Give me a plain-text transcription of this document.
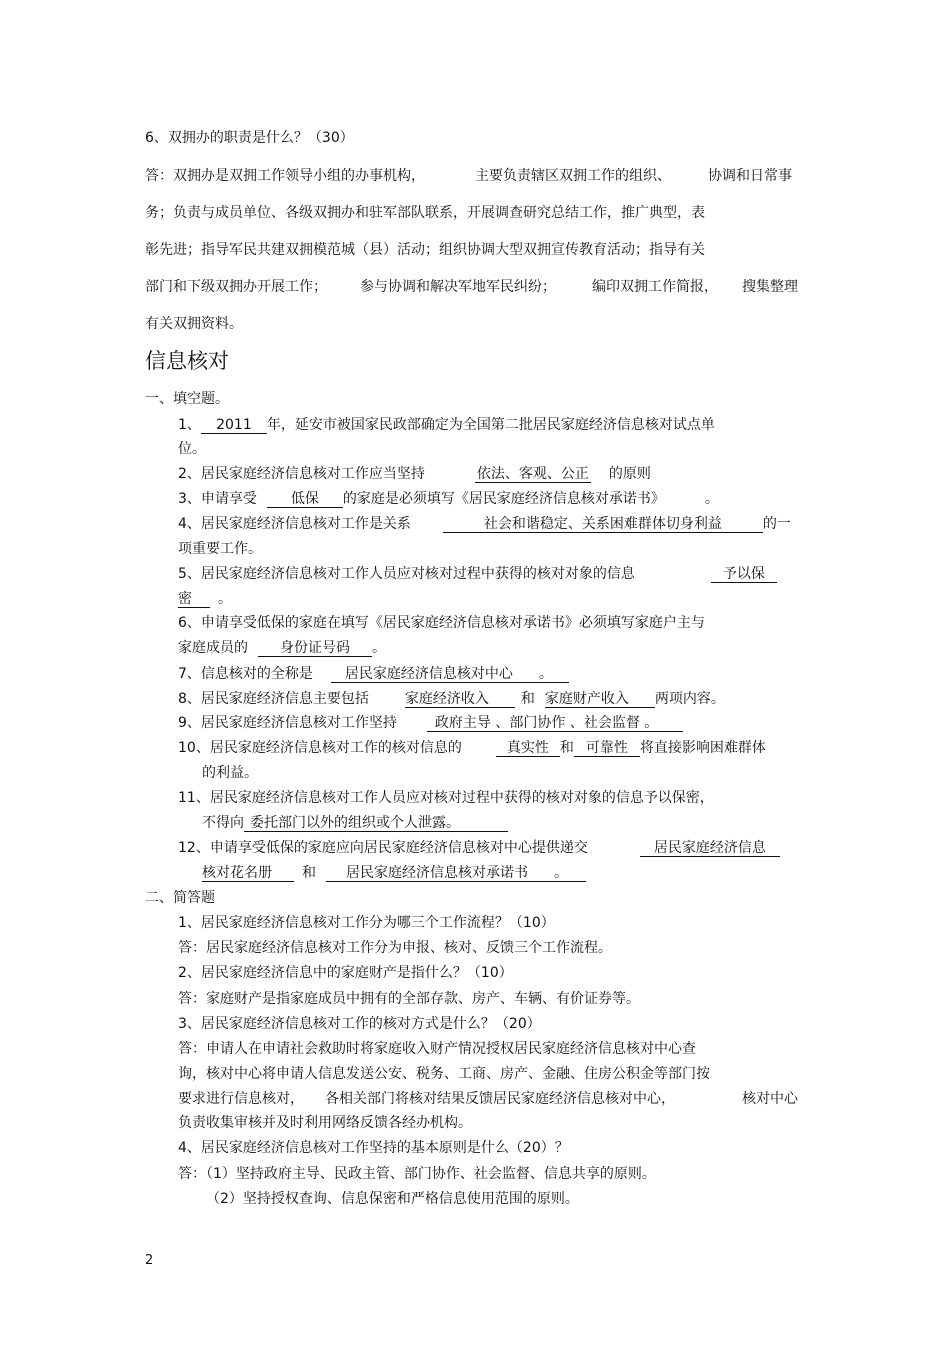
6、双拥办的职责是什么？（30）
答：双拥办是双拥工作领导小组的办事机构，	主要负责辖区双拥工作的组织、	协调和日常事
务；负责与成员单位、各级双拥办和驻军部队联系，开展调查研究总结工作，推广典型，表
彰先进；指导军民共建双拥模范城（县）活动；组织协调大型双拥宣传教育活动；指导有关
部门和下级双拥办开展工作； 参与协调和解决军地军民纠纷；	编印双拥工作简报， 搜集整理
有关双拥资料。
信息核对
一、填空题。
1、 2011 年，延安市被国家民政部确定为全国第二批居民家庭经济信息核对试点单
位。
2、居民家庭经济信息核对工作应当坚持	依法、客观、公正 的原则
3、申请享受 低保 的家庭是必须填写《居民家庭经济信息核对承诺书》	。
4、居民家庭经济信息核对工作是关系	社会和谐稳定、关系困难群体切身利益	的一
项重要工作。
5、居民家庭经济信息核对工作人员应对核对过程中获得的核对对象的信息	予以保
密 。
6、申请享受低保的家庭在填写《居民家庭经济信息核对承诺书》必须填写家庭户主与
家庭成员的 身份证号码 。
7、信息核对的全称是 居民家庭经济信息核对中心 。
8、居民家庭经济信息主要包括	家庭经济收入 和 家庭财产收入 两项内容。
9、居民家庭经济信息核对工作坚持	政府主导 、部门协作 、社会监督 。
10、居民家庭经济信息核对工作的核对信息的	真实性 和 可靠性 将直接影响困难群体
的利益。
11、居民家庭经济信息核对工作人员应对核对过程中获得的核对对象的信息予以保密，
不得向 委托部门以外的组织或个人泄露。
12、申请享受低保的家庭应向居民家庭经济信息核对中心提供递交	居民家庭经济信息
核对花名册 和 居民家庭经济信息核对承诺书 。
二、简答题
1、居民家庭经济信息核对工作分为哪三个工作流程？（10）
答：居民家庭经济信息核对工作分为申报、核对、反馈三个工作流程。
2、居民家庭经济信息中的家庭财产是指什么？（10）
答：家庭财产是指家庭成员中拥有的全部存款、房产、车辆、有价证券等。
3、居民家庭经济信息核对工作的核对方式是什么？（20）
答：申请人在申请社会救助时将家庭收入财产情况授权居民家庭经济信息核对中心查
询，核对中心将申请人信息发送公安、税务、工商、房产、金融、住房公积金等部门按
要求进行信息核对， 各相关部门将核对结果反馈居民家庭经济信息核对中心，	核对中心
负责收集审核并及时利用网络反馈各经办机构。
4、居民家庭经济信息核对工作坚持的基本原则是什么（20）？
答：（1）坚持政府主导、民政主管、部门协作、社会监督、信息共享的原则。
（2）坚持授权查询、信息保密和严格信息使用范围的原则。
2
